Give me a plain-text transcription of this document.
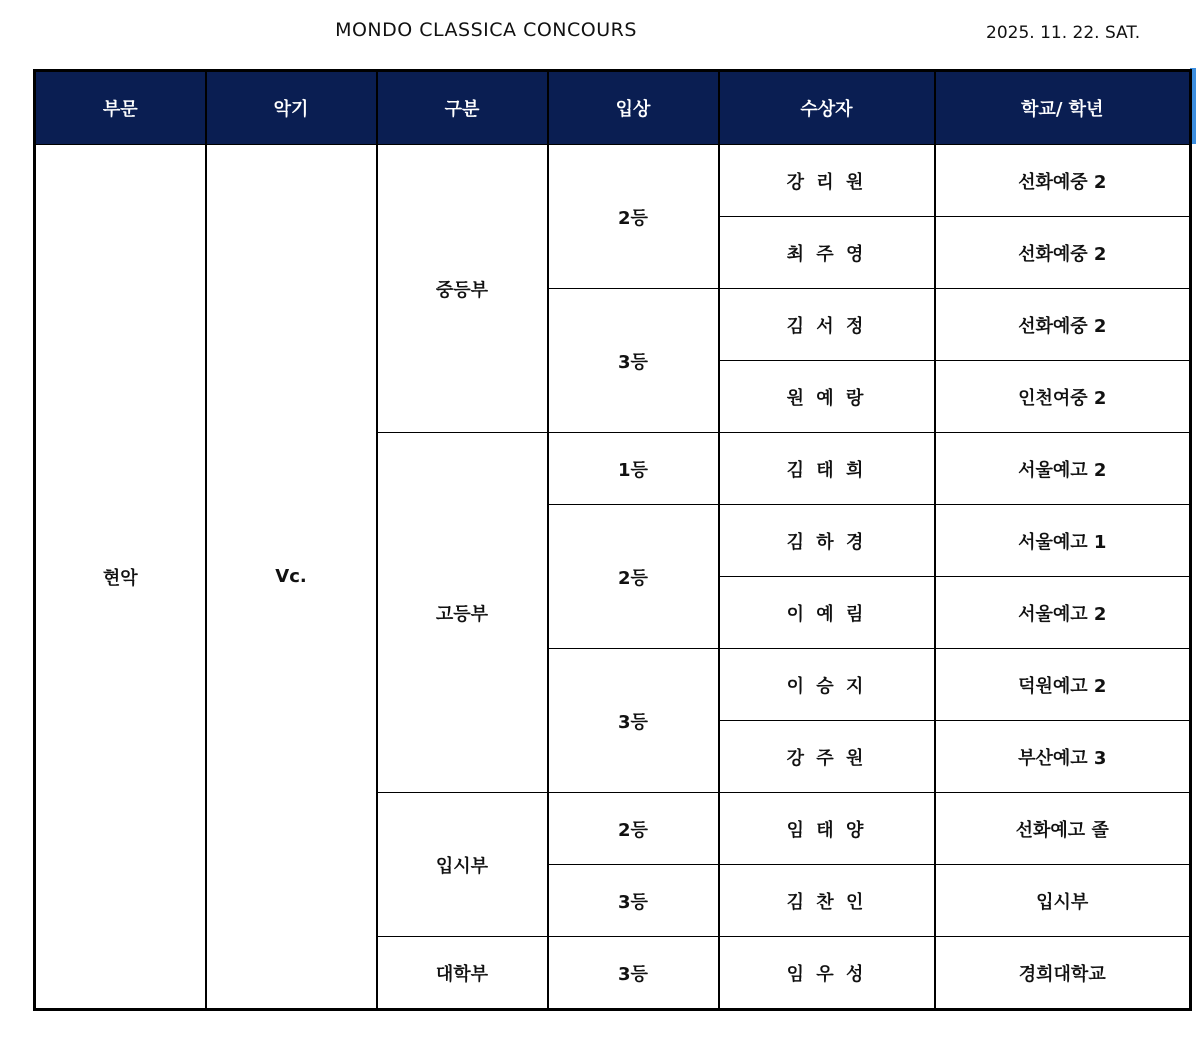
MONDO CLASSICA CONCOURS	2025. 11. 22. SAT.
부문	악기	구분	입상	수상자	학교/ 학년
현악	Vc.	중등부	2등	강 리 원	선화예중 2
				최 주 영	선화예중 2
			3등	김 서 정	선화예중 2
				원 예 랑	인천여중 2
		고등부	1등	김 태 희	서울예고 2
			2등	김 하 경	서울예고 1
				이 예 림	서울예고 2
			3등	이 승 지	덕원예고 2
				강 주 원	부산예고 3
		입시부	2등	임 태 양	선화예고 졸
			3등	김 찬 인	입시부
		대학부	3등	임 우 성	경희대학교
